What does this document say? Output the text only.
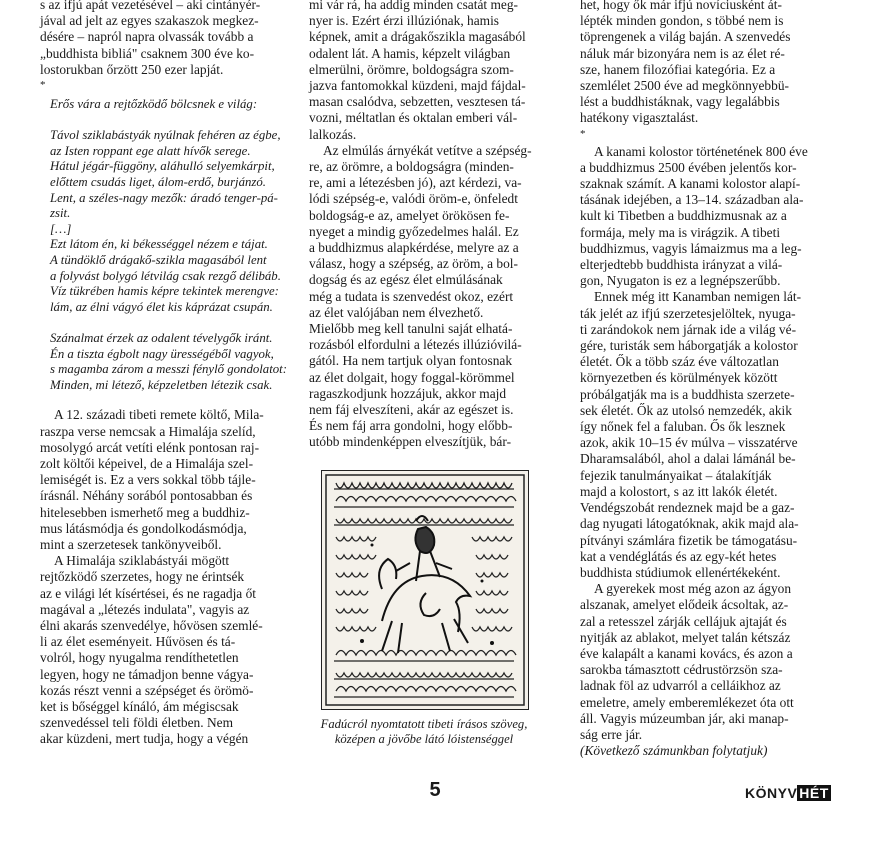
s az ifjú apát vezetésével – aki cintányér-
jával ad jelt az egyes szakaszok megkez-
désére – napról napra olvassák tovább a
„buddhista bibliá" csaknem 300 éve ko-
lostorukban őrzött 250 ezer lapját.

*

Erős vára a rejtőzködő bölcsnek e világ:
Távol sziklabástyák nyúlnak fehéren az égbe,
az Isten roppant ege alatt hívők serege.
Hátul jégár-függöny, aláhulló selyemkárpit,
előttem csudás liget, álom-erdő, burjánzó.
Lent, a széles-nagy mezők: áradó tenger-pá-
zsit.
[…]
Ezt látom én, ki békességgel nézem e tájat.
A tündöklő drágakő-szikla magasából lent
a folyvást bolygó létvilág csak rezgő délibáb.
Víz tükrében hamis képre tekintek merengve:
lám, az élni vágyó élet kis káprázat csupán.
Szánalmat érzek az odalent tévelygők iránt.
Én a tiszta égbolt nagy ürességéből vagyok,
s magamba zárom a messzi fénylő gondolatot:
Minden, mi létező, képzeletben létezik csak.
A 12. századi tibeti remete költő, Mila-
raszpa verse nemcsak a Himalája szelíd,
mosolygó arcát vetíti elénk pontosan raj-
zolt költői képeivel, de a Himalája szel-
lemiségét is. Ez a vers sokkal több tájle-
írásnál. Néhány sorából pontosabban és
hitelesebben ismerhető meg a buddhiz-
mus látásmódja és gondolkodásmódja,
mint a szerzetesek tankönyveiből.
A Himalája sziklabástyái mögött
rejtőzködő szerzetes, hogy ne érintsék
az e világi lét kísértései, és ne ragadja őt
magával a „létezés indulata", vagyis az
élni akarás szenvedélye, hővösen szemlé-
li az élet eseményeit. Hűvösen és tá-
volról, hogy nyugalma rendíthetetlen
legyen, hogy ne támadjon benne vágya-
kozás részt venni a szépséget és örömö-
ket is bőséggel kínáló, ám mégiscsak
szenvedéssel teli földi életben. Nem
akar küzdeni, mert tudja, hogy a végén
mi vár rá, ha addig minden csatát meg-
nyer is. Ezért érzi illúziónak, hamis
képnek, amit a drágakőszikla magasából
odalent lát. A hamis, képzelt világban
elmerülni, örömre, boldogságra szom-
jazva fantomokkal küzdeni, majd fájdal-
masan csalódva, sebzetten, vesztesen tá-
vozni, méltatlan és oktalan emberi vál-
lalkozás.
Az elmúlás árnyékát vetítve a szépség-
re, az örömre, a boldogságra (minden-
re, ami a létezésben jó), azt kérdezi, va-
lódi szépség-e, valódi öröm-e, önfeledt
boldogság-e az, amelyet örökösen fe-
nyeget a mindig győzedelmes halál. Ez
a buddhizmus alapkérdése, melyre az a
válasz, hogy a szépség, az öröm, a bol-
dogság és az egész élet elmúlásának
még a tudata is szenvedést okoz, ezért
az élet valójában nem élvezhető.
Mielőbb meg kell tanulni saját elhatá-
rozásból elfordulni a létezés illúzióvilá-
gától. Ha nem tartjuk olyan fontosnak
az élet dolgait, hogy foggal-körömmel
ragaszkodjunk hozzájuk, akkor majd
nem fáj elveszíteni, akár az egészet is.
És nem fáj arra gondolni, hogy előbb-
utóbb mindenképpen elveszítjük, bár-
Fadúcról nyomtatott tibeti írásos szöveg,
középen a jövőbe látó lóistenséggel
het, hogy ők már ifjú novíciusként át-
lépték minden gondon, s többé nem is
töprengenek a világ baján. A szenvedés
náluk már bizonyára nem is az élet ré-
sze, hanem filozófiai kategória. Ez a
szemlélet 2500 éve ad megkönnyebbü-
lést a buddhistáknak, vagy legalábbis
hatékony vigasztalást.

*

A kanami kolostor történetének 800 éve
a buddhizmus 2500 évében jelentős kor-
szaknak számít. A kanami kolostor alapí-
tásának idejében, a 13–14. században ala-
kult ki Tibetben a buddhizmusnak az a
formája, mely ma is virágzik. A tibeti
buddhizmus, vagyis lámaizmus ma a leg-
elterjedtebb buddhista irányzat a vilá-
gon, Nyugaton is ez a legnépszerűbb.
Ennek még itt Kanamban nemigen lát-
ták jelét az ifjú szerzetesjelöltek, nyuga-
ti zarándokok nem járnak ide a világ vé-
gére, turisták sem háborgatják a kolostor
életét. Ők a több száz éve változatlan
környezetben és körülmények között
próbálgatják ma is a buddhista szerzete-
sek életét. Ők az utolsó nemzedék, akik
így nőnek fel a faluban. Ős ők lesznek
azok, akik 10–15 év múlva – visszatérve
Dharamsalából, ahol a dalai lámánál be-
fejezik tanulmányaikat – átalakítják
majd a kolostort, s az itt lakók életét.
Vendégszobát rendeznek majd be a gaz-
dag nyugati látogatóknak, akik majd ala-
pítványi számlára fizetik be támogatásu-
kat a vendéglátás és az egy-két hetes
buddhista stúdiumok ellenértékeként.
A gyerekek most még azon az ágyon
alszanak, amelyet elődeik ácsoltak, az-
zal a retesszel zárják cellájuk ajtaját és
nyitják az ablakot, melyet talán kétszáz
éve kalapált a kanami kovács, és azon a
sarokba támasztott cédrustörzsön sza-
ladnak föl az udvarról a celláikhoz az
emeletre, amely emberemlékezet óta ott
áll. Vagyis múzeumban jár, aki manap-
ság erre jár.

(Következő számunkban folytatjuk)

5	KÖNYV HÉT
